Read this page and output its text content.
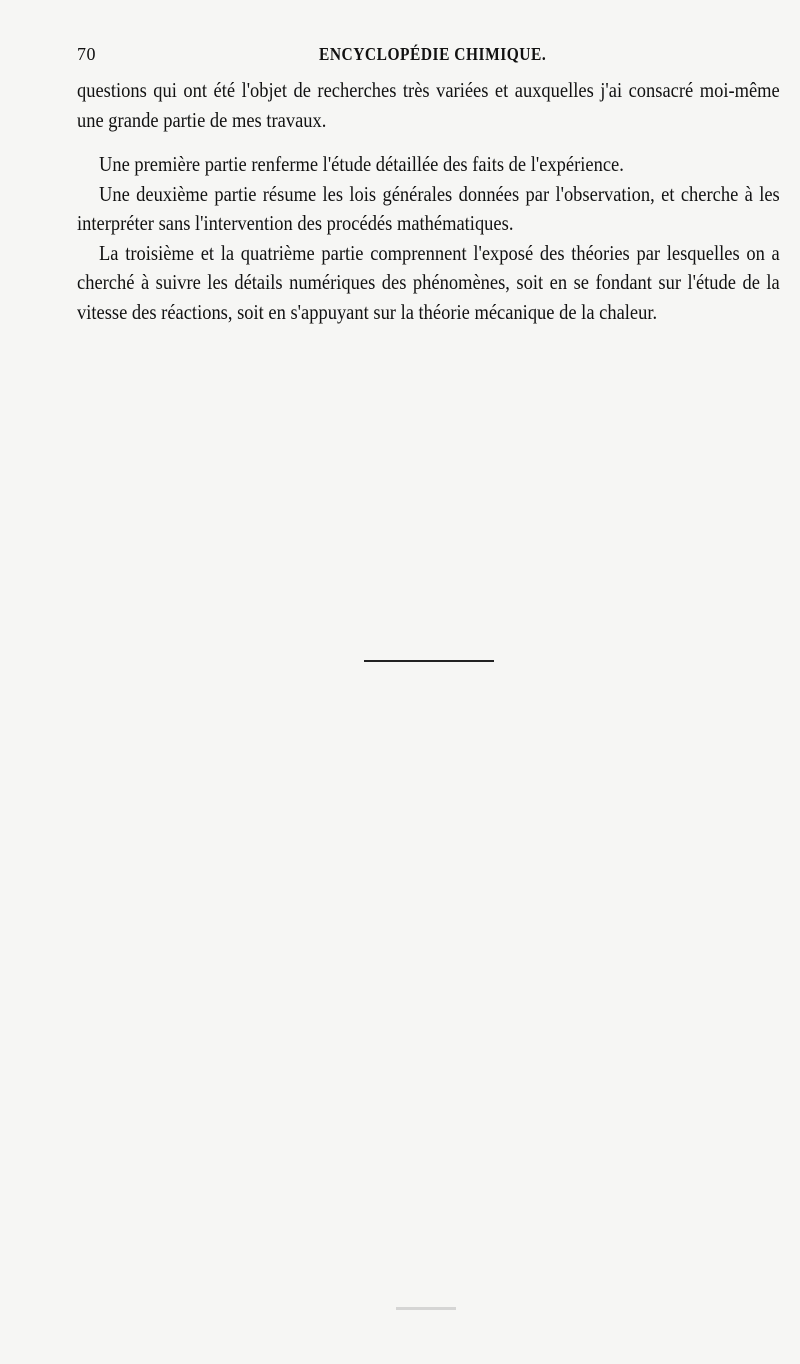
70	ENCYCLOPÉDIE CHIMIQUE.

questions qui ont été l'objet de recherches très variées et auxquelles j'ai consacré moi-même une grande partie de mes travaux.

Une première partie renferme l'étude détaillée des faits de l'expérience.

Une deuxième partie résume les lois générales données par l'observation, et cherche à les interpréter sans l'intervention des procédés mathématiques.

La troisième et la quatrième partie comprennent l'exposé des théories par lesquelles on a cherché à suivre les détails numériques des phénomènes, soit en se fondant sur l'étude de la vitesse des réactions, soit en s'appuyant sur la théorie mécanique de la chaleur.
